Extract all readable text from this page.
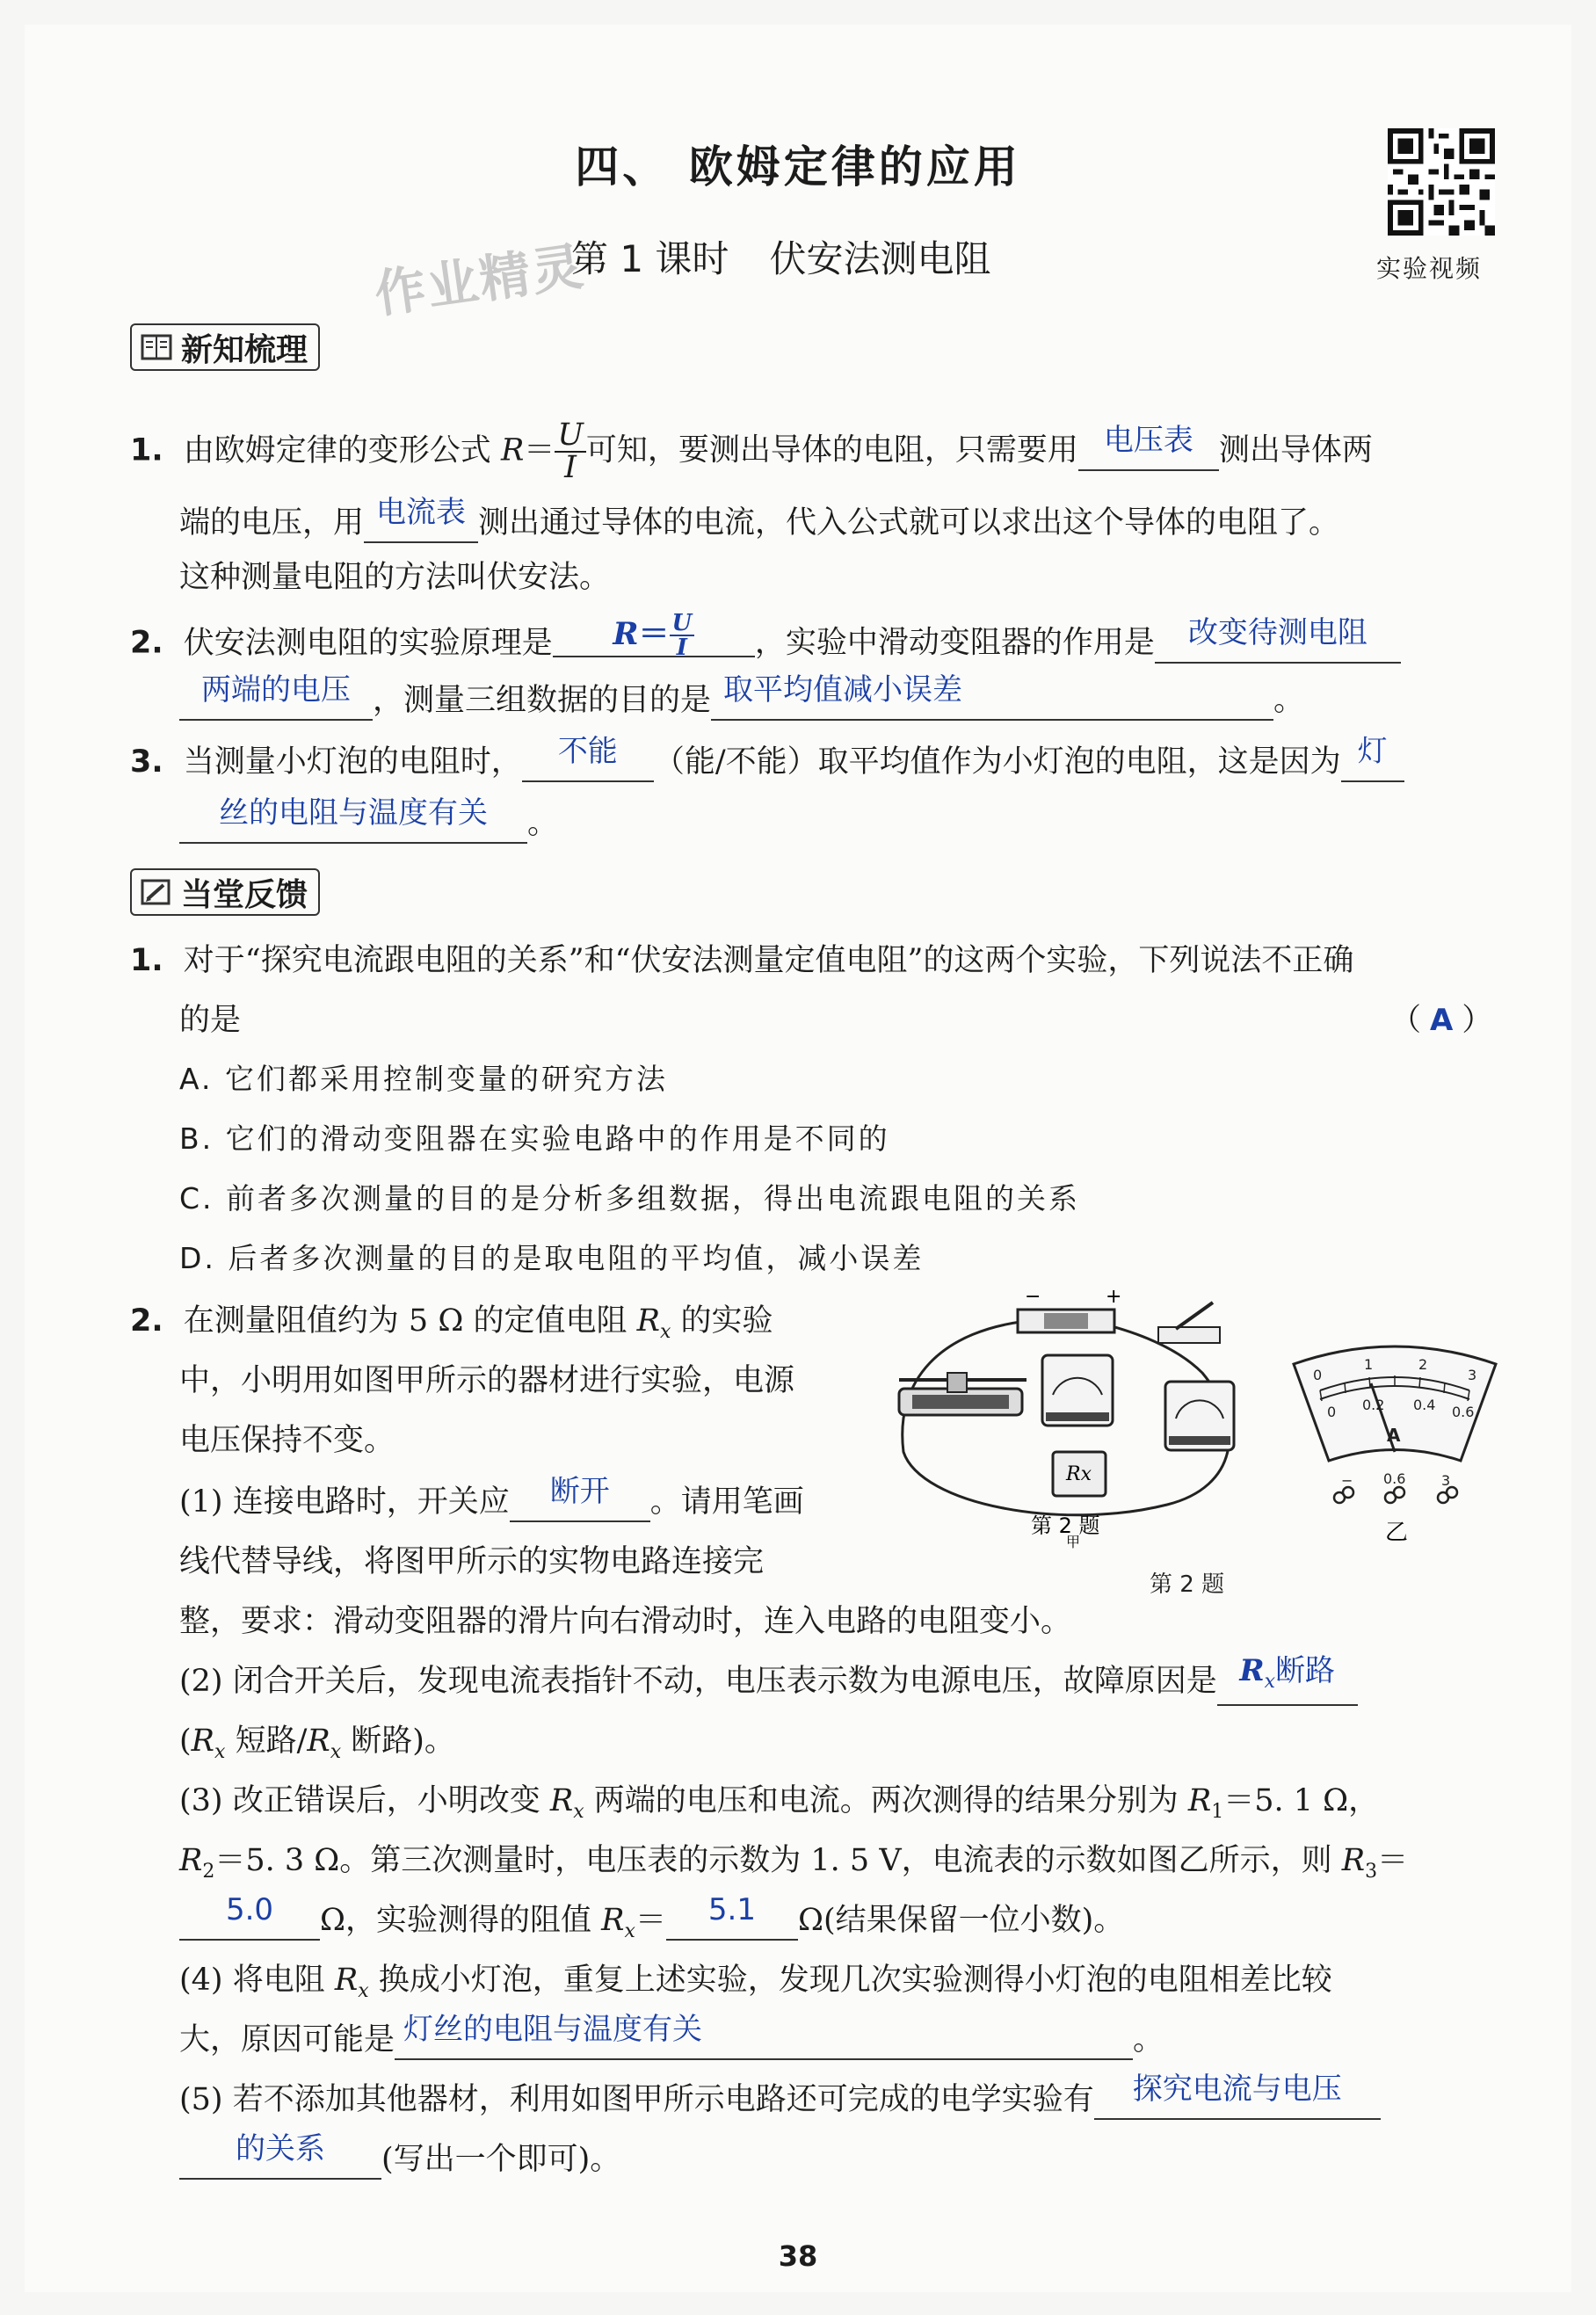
四、 欧姆定律的应用
作业精灵
第 1 课时 伏安法测电阻	实验视频
新知梳理
1. 由欧姆定律的变形公式 $R= \frac{U}{I}$ 可知，要测出导体的电阻，只需要用 电压表 测出导体两
端的电压，用 电流表 测出通过导体的电流，代入公式就可以求出这个导体的电阻了。
这种测量电阻的方法叫伏安法。
2. 伏安法测电阻的实验原理是 $R= \frac{U}{I}$ ，实验中滑动变阻器的作用是 改变待测电阻
两端的电压 ，测量三组数据的目的是 取平均值减小误差	。
3. 当测量小灯泡的电阻时， 不能 （能/不能）取平均值作为小灯泡的电阻，这是因为 灯
丝的电阻与温度有关 。
当堂反馈
1. 对于“探究电流跟电阻的关系”和“伏安法测量定值电阻”的这两个实验，下列说法不正确
的是	（ A ）
A. 它们都采用控制变量的研究方法
B. 它们的滑动变阻器在实验电路中的作用是不同的
C. 前者多次测量的目的是分析多组数据，得出电流跟电阻的关系
D. 后者多次测量的目的是取电阻的平均值，减小误差
2. 在测量阻值约为 5 Ω 的定值电阻 $R_x$ 的实验
中，小明用如图甲所示的器材进行实验，电源
电压保持不变。
(1) 连接电路时，开关应 断开 。请用笔画
线代替导线，将图甲所示的实物电路连接完
整，要求：滑动变阻器的滑片向右滑动时，连入电路的电阻变小。
−	+
Rx
第 2 题
甲
0
1	2
3
0 0.2 0.4 0.6
A
− 0.6	3
乙
第 2 题
(2) 闭合开关后，发现电流表指针不动，电压表示数为电源电压，故障原因是 $R_x$断路
($R_x$ 短路$/R_x$ 断路)。
(3) 改正错误后，小明改变 $R_x$ 两端的电压和电流。两次测得的结果分别为 $R_1=5$. 1 Ω，
$R_2=5$. 3 Ω。第三次测量时，电压表的示数为 1. 5 V，电流表的示数如图乙所示，则 $R_3=$
5.0 Ω，实验测得的阻值 $R_x= 5.1$ Ω(结果保留一位小数)。
(4) 将电阻 $R_x$ 换成小灯泡，重复上述实验，发现几次实验测得小灯泡的电阻相差比较
大，原因可能是 灯丝的电阻与温度有关	。
(5) 若不添加其他器材，利用如图甲所示电路还可完成的电学实验有 探究电流与电压
的关系 (写出一个即可)。
38
